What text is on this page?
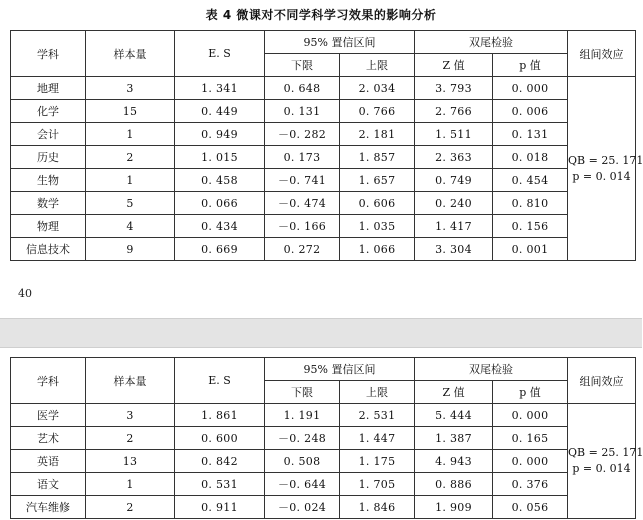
表 4 微课对不同学科学习效果的影响分析
学科	样本量	E. S	95% 置信区间		双尾检验		组间效应
			下限	上限	Z 值	p 值	
地理	3	1. 341	0. 648	2. 034	3. 793	0. 000	QB = 25. 171
p = 0. 014

化学	15	0. 449	0. 131	0. 766	2. 766	0. 006	
会计	1	0. 949	－0. 282	2. 181	1. 511	0. 131	
历史	2	1. 015	0. 173	1. 857	2. 363	0. 018	
生物	1	0. 458	－0. 741	1. 657	0. 749	0. 454	
数学	5	0. 066	－0. 474	0. 606	0. 240	0. 810	
物理	4	0. 434	－0. 166	1. 035	1. 417	0. 156	
信息技术	9	0. 669	0. 272	1. 066	3. 304	0. 001	
40
学科	样本量	E. S	95% 置信区间		双尾检验		组间效应
			下限	上限	Z 值	p 值	
医学	3	1. 861	1. 191	2. 531	5. 444	0. 000	QB = 25. 171
p = 0. 014

艺术	2	0. 600	－0. 248	1. 447	1. 387	0. 165	
英语	13	0. 842	0. 508	1. 175	4. 943	0. 000	
语文	1	0. 531	－0. 644	1. 705	0. 886	0. 376	
汽车维修	2	0. 911	－0. 024	1. 846	1. 909	0. 056	
